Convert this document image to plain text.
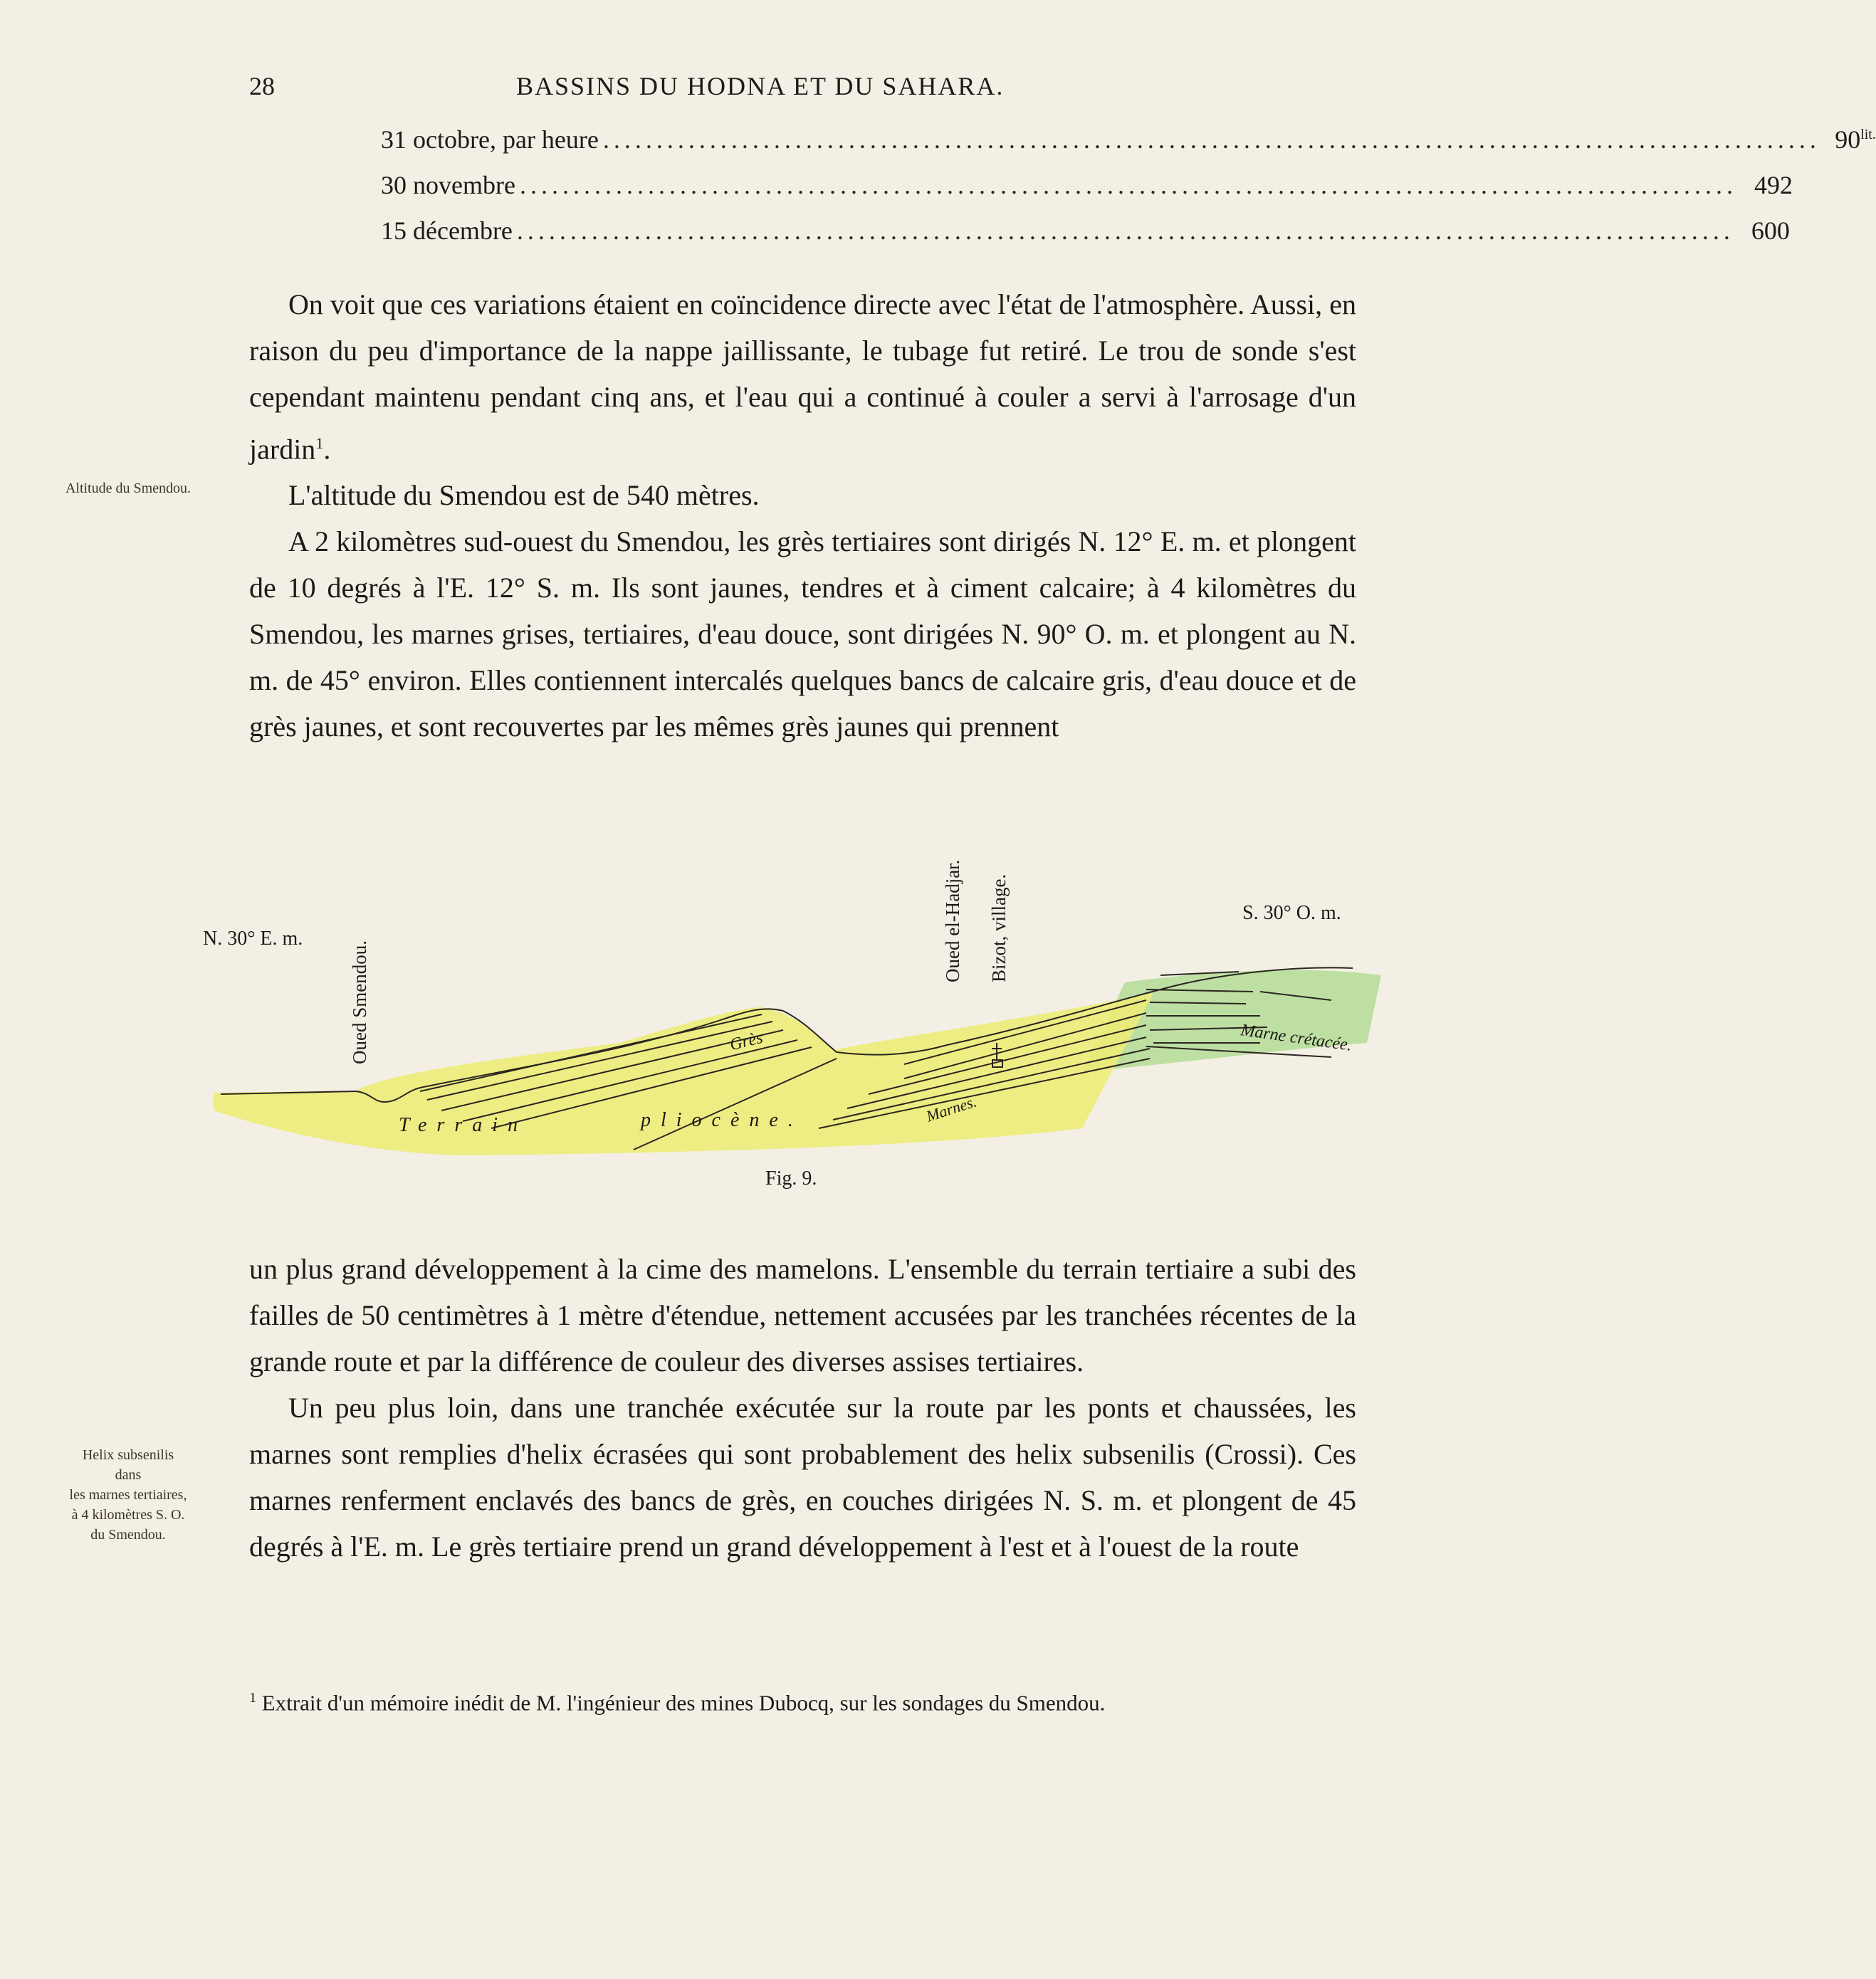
28	BASSINS DU HODNA ET DU SAHARA.
31 octobre, par heure .................................................................................................................. $90^{lit.}$
30 novembre .................................................................................................................. 492
15 décembre .................................................................................................................. 600

On voit que ces variations étaient en coïncidence directe avec l'état de l'atmosphère. Aussi, en raison du peu d'importance de la nappe jaillissante, le tubage fut retiré. Le trou de sonde s'est cependant maintenu pendant cinq ans, et l'eau qui a continué à couler a servi à l'arrosage d'un jardin$^1$.

L'altitude du Smendou est de 540 mètres.

A 2 kilomètres sud-ouest du Smendou, les grès tertiaires sont dirigés N. 12° E. m. et plongent de 10 degrés à l'E. 12° S. m. Ils sont jaunes, tendres et à ciment calcaire; à 4 kilomètres du Smendou, les marnes grises, tertiaires, d'eau douce, sont dirigées N. 90° O. m. et plongent au N. m. de 45° environ. Elles contiennent intercalés quelques bancs de calcaire gris, d'eau douce et de grès jaunes, et sont recouvertes par les mêmes grès jaunes qui prennent

Altitude du Smendou.
N. 30° E. m.
S. 30° O. m.
Oued Smendou.
Oued el-Hadjar. Bizot, village.
Grès
Marnes.
Marne crétacée.
Terrain	pliocène.
Fig. 9.

un plus grand développement à la cime des mamelons. L'ensemble du terrain tertiaire a subi des failles de 50 centimètres à 1 mètre d'étendue, nettement accusées par les tranchées récentes de la grande route et par la différence de couleur des diverses assises tertiaires.

Un peu plus loin, dans une tranchée exécutée sur la route par les ponts et chaussées, les marnes sont remplies d'helix écrasées qui sont probablement des helix subsenilis (Crossi). Ces marnes renferment enclavés des bancs de grès, en couches dirigées N. S. m. et plongent de 45 degrés à l'E. m. Le grès tertiaire prend un grand développement à l'est et à l'ouest de la route

Helix subsenilis
dans
les marnes tertiaires,
à 4 kilomètres S. O.
du Smendou.
$^1$ Extrait d'un mémoire inédit de M. l'ingénieur des mines Dubocq, sur les sondages du Smendou.
